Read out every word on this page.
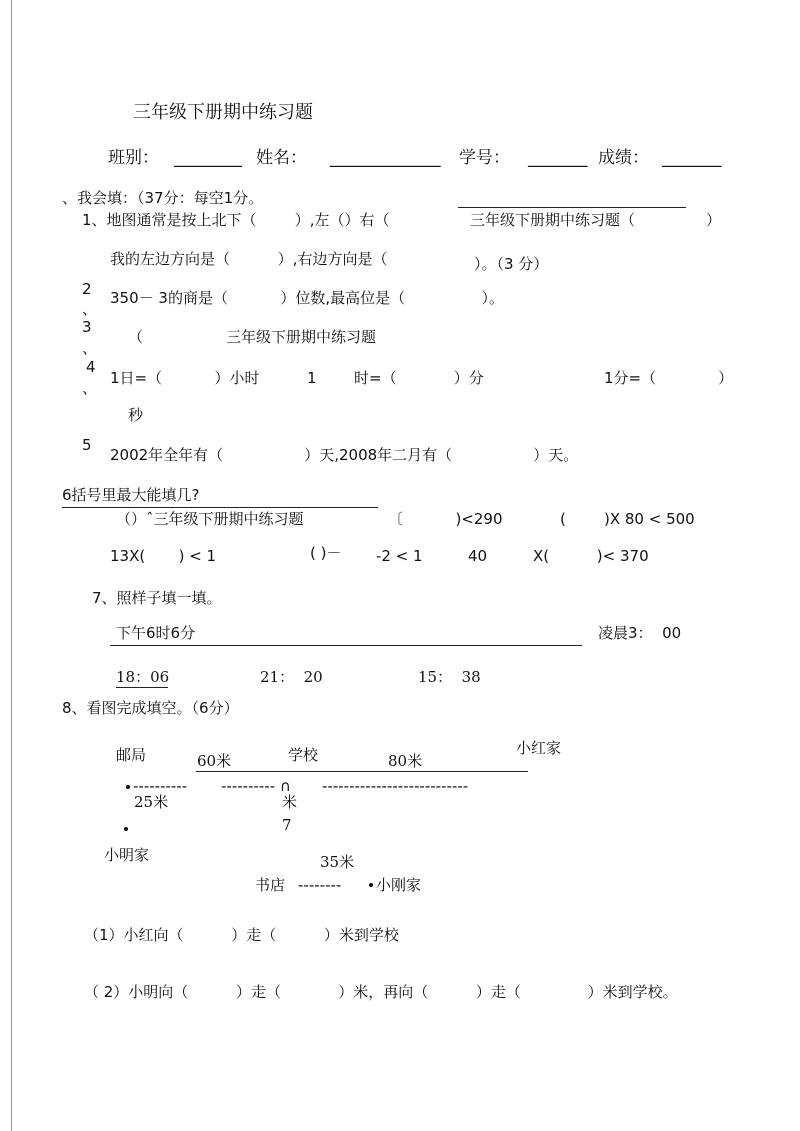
三年级下册期中练习题
班别： ________ 姓名： _____________ 学号： _______ 成绩： _______
、我会填：（37分：每空1分。
1、地图通常是按上北下（        ）,左（）右（	三年级下册期中练习题（	）
我的左边方向是（          ）,右边方向是（	）。（3 分）
2
、
350－ 3的商是（           ）位数,最高位是（                ）。
3
、
（	三年级下册期中练习题
4
、
1日=（           ）小时	1 时=（            ）分	1分=（             ）
秒
5
2002年全年有（                 ）天,2008年二月有（                 ）天。
6括号里最大能填几?
（）ˆ三年级下册期中练习题	〔           )<290	(        )X 80 < 500
13X(       ) < 1	( )－ -2 < 1	40	X(          )< 370
7、照样子填一填。
下午6时6分	凌晨3：  00
18：06	21：  20	15：  38
8、看图完成填空。（6分）
邮局	60米	学校	80米
小红家
---------- ---------- ∩ ---------------------------
25米	米
7
小明家	35米
书店 -------- 小刚家
（1）小红向（          ）走（          ）米到学校
（ 2）小明向（          ）走（            ）米，再向（          ）走（              ）米到学校。
